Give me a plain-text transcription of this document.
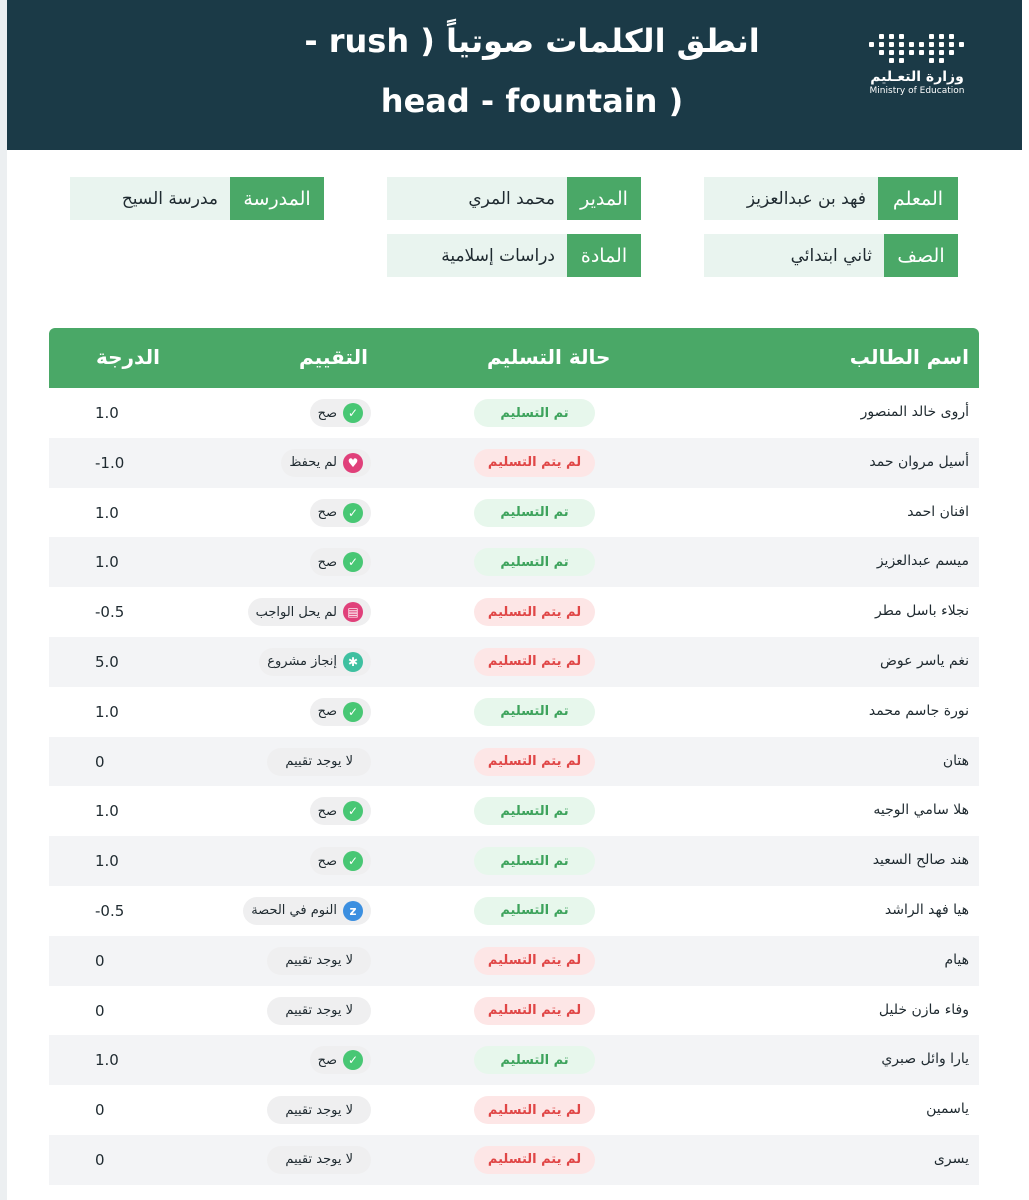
انطق الكلمات صوتياً ( rush -
( head - fountain
وزارة التعـليم
Ministry of Education
المعلم
فهد بن عبدالعزيز
المدير
محمد المري
المدرسة
مدرسة السيح
الصف
ثاني ابتدائي
المادة
دراسات إسلامية
اسم الطالب
حالة التسليم
التقييم
الدرجة
أروى خالد المنصور
تم التسليم
✓
صح
1.0
أسيل مروان حمد
لم يتم التسليم
♥
لم يحفظ
1.0-
افنان احمد
تم التسليم
✓
صح
1.0
ميسم عبدالعزيز
تم التسليم
✓
صح
1.0
نجلاء باسل مطر
لم يتم التسليم
▤
لم يحل الواجب
0.5-
نغم ياسر عوض
لم يتم التسليم
✱
إنجاز مشروع
5.0
نورة جاسم محمد
تم التسليم
✓
صح
1.0
هتان
لم يتم التسليم
لا يوجد تقييم
0
هلا سامي الوجيه
تم التسليم
✓
صح
1.0
هند صالح السعيد
تم التسليم
✓
صح
1.0
هيا فهد الراشد
تم التسليم
z
النوم في الحصة
0.5-
هيام
لم يتم التسليم
لا يوجد تقييم
0
وفاء مازن خليل
لم يتم التسليم
لا يوجد تقييم
0
يارا وائل صبري
تم التسليم
✓
صح
1.0
ياسمين
لم يتم التسليم
لا يوجد تقييم
0
يسرى
لم يتم التسليم
لا يوجد تقييم
0
